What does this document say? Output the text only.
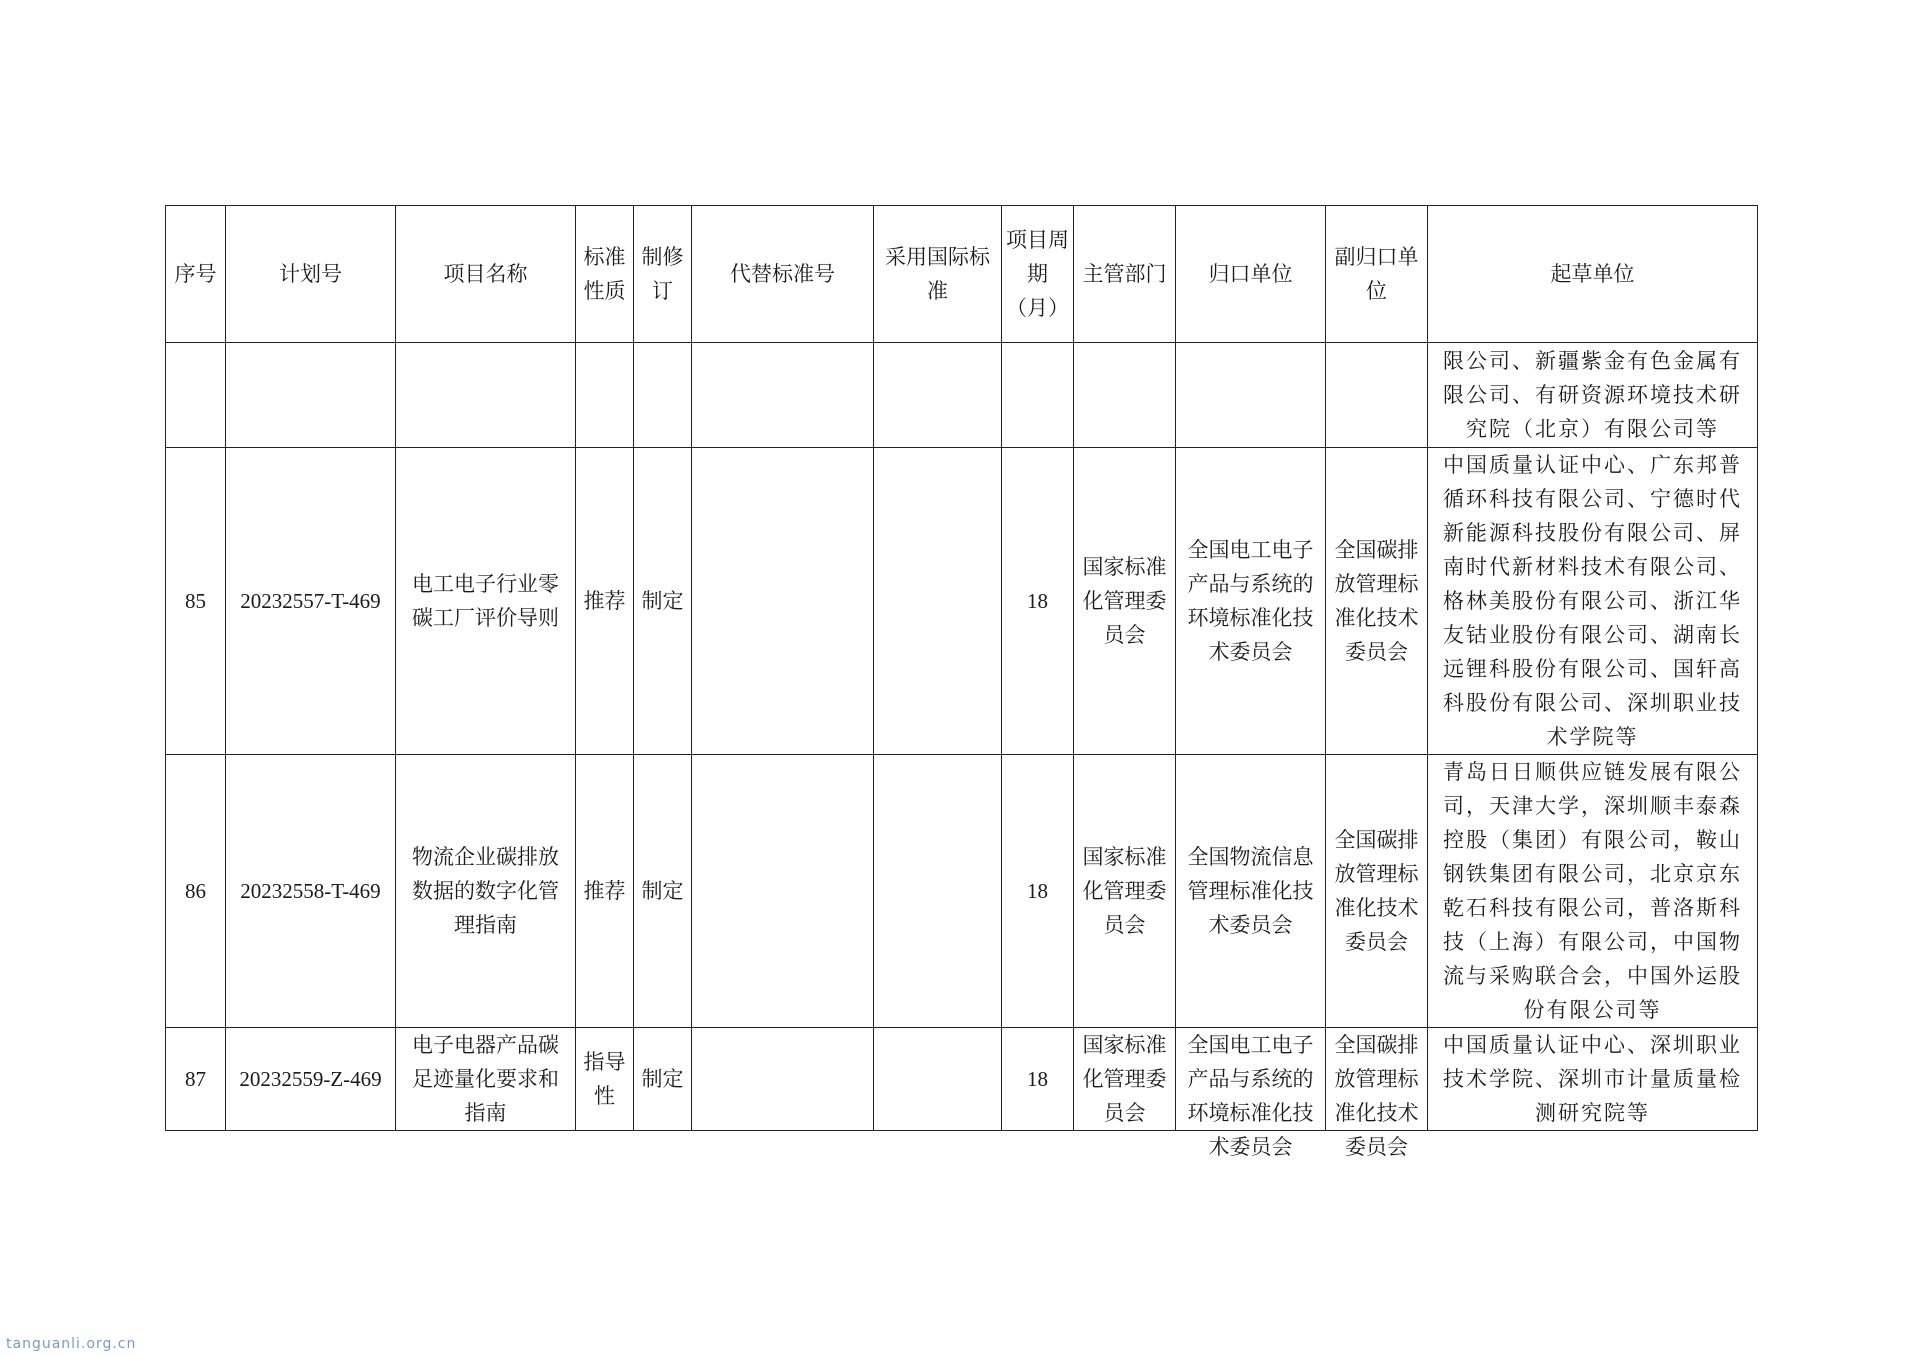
序号	计划号	项目名称	标准性质	制修订	代替标准号	采用国际标准	项目周期（月）	主管部门	归口单位	副归口单位	起草单位
											限公司、新疆紫金有色金属有限公司、有研资源环境技术研究院（北京）有限公司等
85	20232557-T-469	电工电子行业零碳工厂评价导则	推荐	制定			18	国家标准化管理委员会	全国电工电子产品与系统的环境标准化技术委员会	全国碳排放管理标准化技术委员会	中国质量认证中心、广东邦普循环科技有限公司、宁德时代新能源科技股份有限公司、屏南时代新材料技术有限公司、格林美股份有限公司、浙江华友钴业股份有限公司、湖南长远锂科股份有限公司、国轩高科股份有限公司、深圳职业技术学院等
86	20232558-T-469	物流企业碳排放数据的数字化管理指南	推荐	制定			18	国家标准化管理委员会	全国物流信息管理标准化技术委员会	全国碳排放管理标准化技术委员会	青岛日日顺供应链发展有限公司，天津大学，深圳顺丰泰森控股（集团）有限公司，鞍山钢铁集团有限公司，北京京东乾石科技有限公司，普洛斯科技（上海）有限公司，中国物流与采购联合会，中国外运股份有限公司等
87	20232559-Z-469	电子电器产品碳足迹量化要求和指南	指导性	制定			18	国家标准化管理委员会	全国电工电子产品与系统的环境标准化技术委员会	全国碳排放管理标准化技术委员会	中国质量认证中心、深圳职业技术学院、深圳市计量质量检测研究院等
tanguanli.org.cn
